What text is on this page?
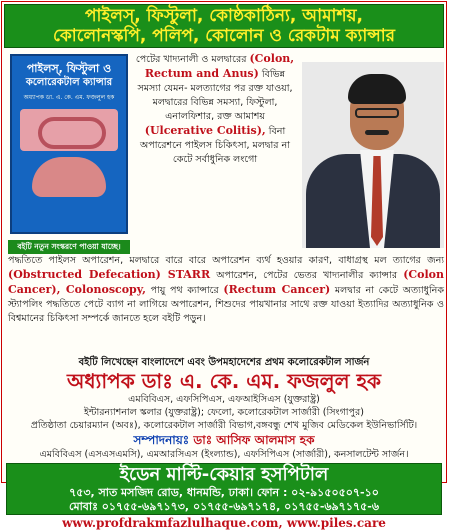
পাইলস্‌, ফিস্টুলা, কোষ্ঠকাঠিন্য, আমাশয়,
কোলোনস্কপি, পলিপ, কোলোন ও রেকটাম ক্যান্সার
পাইলস্‌, ফিস্টুলা ও
কলোরেকটাল ক্যান্সার
অধ্যাপক ডা. এ. কে. এম. ফজলুল হক
বইটি নতুন সংস্করণে পাওয়া যাচ্ছে।
পেটের খাদ্যনালী ও মলদ্বারের (Colon, Rectum and Anus) বিভিন্ন সমস্যা যেমন- মলত্যাগের পর রক্ত যাওয়া, মলদ্বারের বিভিন্ন সমস্যা, ফিস্টুলা, এনালফিশার, রক্ত আমাশয় (Ulcerative Colitis), বিনা অপারেশনে পাইলস চিকিৎসা, মলদ্বার না কেটে সর্বাধুনিক লংগো
পদ্ধতিতে পাইলস অপারেশন, মলদ্বারে বারে বারে অপারেশন ব্যর্থ হওয়ার কারণ, বাধাগ্রস্থ মল ত্যাগের জন্য (Obstructed Defecation) STARR অপারেশন, পেটের ভেতর খাদ্যনালীর ক্যান্সার (Colon Cancer), Colonoscopy, পায়ু পথ ক্যান্সারে (Rectum Cancer) মলদ্বার না কেটে অত্যাধুনিক স্ট্যাপলিং পদ্ধতিতে পেটে ব্যাগ না লাগিয়ে অপারেশন, শিশুদের পায়খানার সাথে রক্ত যাওয়া ইত্যাদির অত্যাধুনিক ও বিশ্বমানের চিকিৎসা সম্পর্কে জানতে হলে বইটি পড়ুন।
বইটি লিখেছেন বাংলাদেশে এবং উপমহাদেশের প্রথম কলোরেকটাল সার্জন
অধ্যাপক ডাঃ এ. কে. এম. ফজলুল হক
এমবিবিএস, এফসিপিএস, এফআইসিএস (যুক্তরাষ্ট্র)
ইন্টারন্যাশনাল স্কলার (যুক্তরাষ্ট্র); ফেলো, কলোরেকটাল সার্জারী (সিংগাপুর)
প্রতিষ্ঠাতা চেয়ারম্যান (অবঃ), কলোরেকটাল সার্জারী বিভাগ,বঙ্গবন্ধু শেখ মুজিব মেডিকেল ইউনিভার্সিটি।
সম্পাদনায়ঃ ডাঃ আসিফ আলমাস হক
এমবিবিএস (এসএসএমসি), এমআরসিএস (ইংল্যান্ড), এফসিপিএস (সার্জারী), কনসালটেন্ট সার্জন।
ইডেন মাল্টি-কেয়ার হসপিটাল
৭৫৩, সাত মসজিদ রোড, ধানমন্ডি, ঢাকা। ফোন : ০২-৯১৫০৫০৭-১০
মোবাঃ ০১৭৫৫-৬৯৭১৭৩, ০১৭৫৫-৬৯৭১৭৪, ০১৭৫৫-৬৯৭১৭৫-৬
www.profdrakmfazlulhaque.com, www.piles.care
